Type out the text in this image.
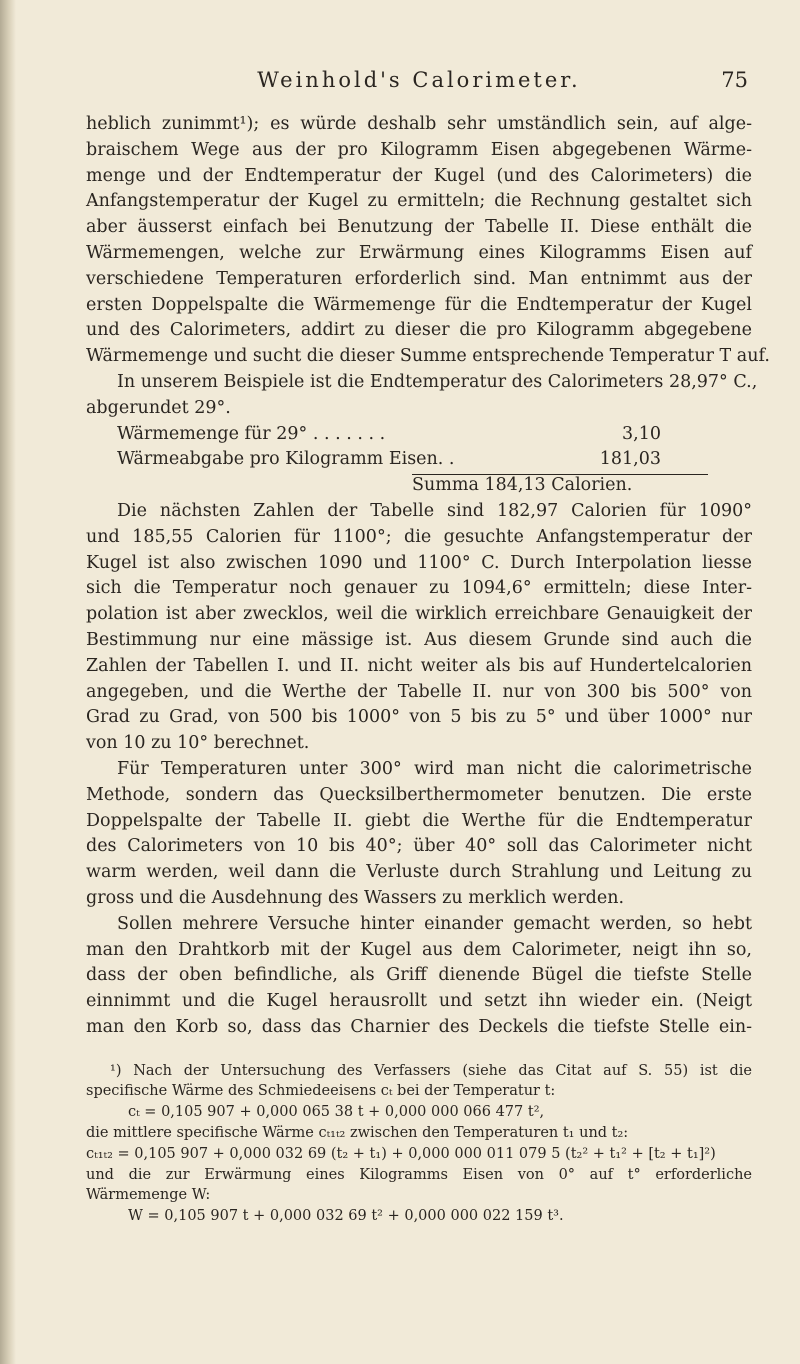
Weinhold's Calorimeter.	75
heblich zunimmt¹); es würde deshalb sehr umständlich sein, auf alge-
braischem Wege aus der pro Kilogramm Eisen abgegebenen Wärme-
menge und der Endtemperatur der Kugel (und des Calorimeters) die
Anfangstemperatur der Kugel zu ermitteln; die Rechnung gestaltet sich
aber äusserst einfach bei Benutzung der Tabelle II. Diese enthält die
Wärmemengen, welche zur Erwärmung eines Kilogramms Eisen auf
verschiedene Temperaturen erforderlich sind. Man entnimmt aus der
ersten Doppelspalte die Wärmemenge für die Endtemperatur der Kugel
und des Calorimeters, addirt zu dieser die pro Kilogramm abgegebene
Wärmemenge und sucht die dieser Summe entsprechende Temperatur T auf.
In unserem Beispiele ist die Endtemperatur des Calorimeters 28,97° C.,
abgerundet 29°.
Wärmemenge für 29° . . . . . . .	3,10
Wärmeabgabe pro Kilogramm Eisen. .	181,03
Summa 184,13 Calorien.
Die nächsten Zahlen der Tabelle sind 182,97 Calorien für 1090°
und 185,55 Calorien für 1100°; die gesuchte Anfangstemperatur der
Kugel ist also zwischen 1090 und 1100° C. Durch Interpolation liesse
sich die Temperatur noch genauer zu 1094,6° ermitteln; diese Inter-
polation ist aber zwecklos, weil die wirklich erreichbare Genauigkeit der
Bestimmung nur eine mässige ist. Aus diesem Grunde sind auch die
Zahlen der Tabellen I. und II. nicht weiter als bis auf Hundertelcalorien
angegeben, und die Werthe der Tabelle II. nur von 300 bis 500° von
Grad zu Grad, von 500 bis 1000° von 5 bis zu 5° und über 1000° nur
von 10 zu 10° berechnet.
Für Temperaturen unter 300° wird man nicht die calorimetrische
Methode, sondern das Quecksilberthermometer benutzen. Die erste
Doppelspalte der Tabelle II. giebt die Werthe für die Endtemperatur
des Calorimeters von 10 bis 40°; über 40° soll das Calorimeter nicht
warm werden, weil dann die Verluste durch Strahlung und Leitung zu
gross und die Ausdehnung des Wassers zu merklich werden.
Sollen mehrere Versuche hinter einander gemacht werden, so hebt
man den Drahtkorb mit der Kugel aus dem Calorimeter, neigt ihn so,
dass der oben befindliche, als Griff dienende Bügel die tiefste Stelle
einnimmt und die Kugel herausrollt und setzt ihn wieder ein. (Neigt
man den Korb so, dass das Charnier des Deckels die tiefste Stelle ein-
¹) Nach der Untersuchung des Verfassers (siehe das Citat auf S. 55) ist die
specifische Wärme des Schmiedeeisens cₜ bei der Temperatur t:
cₜ = 0,105 907 + 0,000 065 38 t + 0,000 000 066 477 t²,
die mittlere specifische Wärme cₜ₁ₜ₂ zwischen den Temperaturen t₁ und t₂:
cₜ₁ₜ₂ = 0,105 907 + 0,000 032 69 (t₂ + t₁) + 0,000 000 011 079 5 (t₂² + t₁² + [t₂ + t₁]²)
und die zur Erwärmung eines Kilogramms Eisen von 0° auf t° erforderliche
Wärmemenge W:
W = 0,105 907 t + 0,000 032 69 t² + 0,000 000 022 159 t³.
